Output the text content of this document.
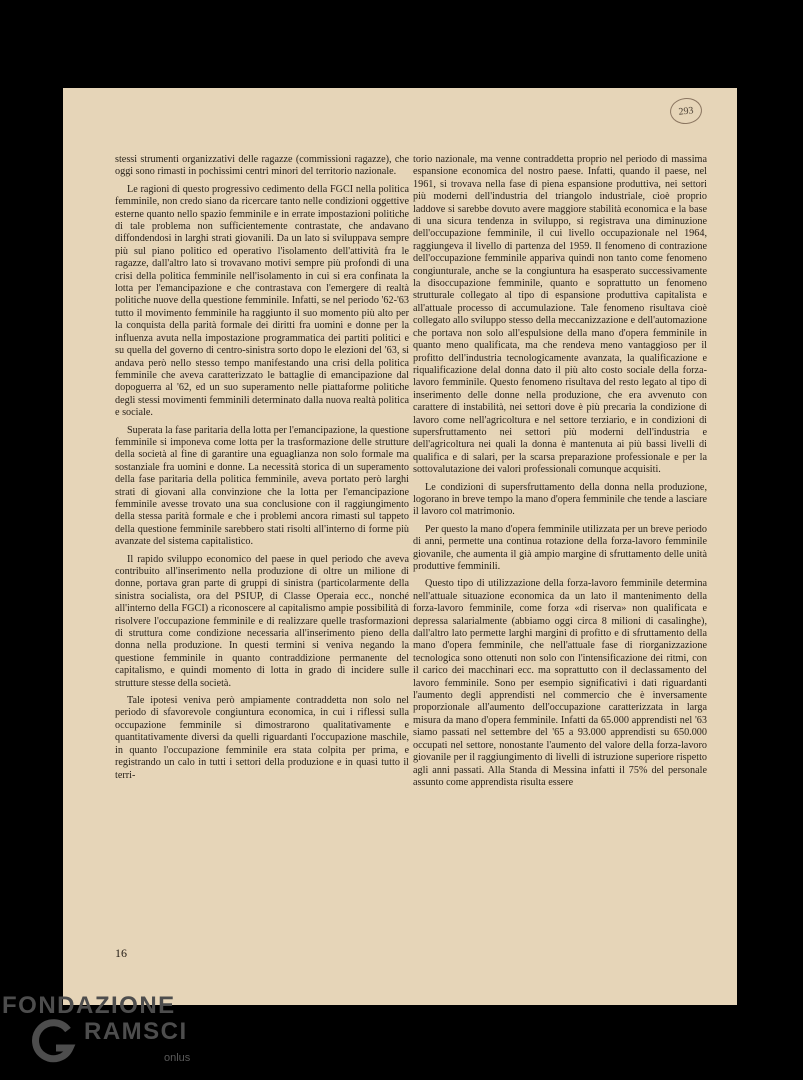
293

stessi strumenti organizzativi delle ragazze (commissioni ragazze), che oggi sono rimasti in pochissimi centri minori del territorio nazionale.

Le ragioni di questo progressivo cedimento della FGCI nella politica femminile, non credo siano da ricercare tanto nelle condizioni oggettive esterne quanto nello spazio femminile e in errate impostazioni politiche di tale problema non sufficientemente contrastate, che andavano diffondendosi in larghi strati giovanili. Da un lato si sviluppava sempre più sul piano politico ed operativo l'isolamento dell'attività fra le ragazze, dall'altro lato si trovavano motivi sempre più profondi di una crisi della politica femminile nell'isolamento in cui si era confinata la lotta per l'emancipazione e che contrastava con l'emergere di realtà politiche nuove della questione femminile. Infatti, se nel periodo '62-'63 tutto il movimento femminile ha raggiunto il suo momento più alto per la conquista della parità formale dei diritti fra uomini e donne per la influenza avuta nella impostazione programmatica dei partiti politici e su quella del governo di centro-sinistra sorto dopo le elezioni del '63, si andava però nello stesso tempo manifestando una crisi della politica femminile che aveva caratterizzato le battaglie di emancipazione dal dopoguerra al '62, ed un suo superamento nelle piattaforme politiche degli stessi movimenti femminili determinato dalla nuova realtà politica e sociale.

Superata la fase paritaria della lotta per l'emancipazione, la questione femminile si imponeva come lotta per la trasformazione delle strutture della società al fine di garantire una eguaglianza non solo formale ma sostanziale fra uomini e donne. La necessità storica di un superamento della fase paritaria della politica femminile, aveva portato però larghi strati di giovani alla convinzione che la lotta per l'emancipazione femminile avesse trovato una sua conclusione con il raggiungimento della stessa parità formale e che i problemi ancora rimasti sul tappeto della questione femminile sarebbero stati risolti all'interno di forme più avanzate del sistema capitalistico.

Il rapido sviluppo economico del paese in quel periodo che aveva contribuito all'inserimento nella produzione di oltre un milione di donne, portava gran parte di gruppi di sinistra (particolarmente della sinistra socialista, ora del PSIUP, di Classe Operaia ecc., nonché all'interno della FGCI) a riconoscere al capitalismo ampie possibilità di risolvere l'occupazione femminile e di realizzare quelle trasformazioni di struttura come condizione necessaria all'inserimento pieno della donna nella produzione. In questi termini si veniva negando la questione femminile in quanto contraddizione permanente del capitalismo, e quindi momento di lotta in grado di incidere sulle strutture stesse della società.

Tale ipotesi veniva però ampiamente contraddetta non solo nel periodo di sfavorevole congiuntura economica, in cui i riflessi sulla occupazione femminile si dimostrarono qualitativamente e quantitativamente diversi da quelli riguardanti l'occupazione maschile, in quanto l'occupazione femminile era stata colpita per prima, e registrando un calo in tutti i settori della produzione e in quasi tutto il terri-

torio nazionale, ma venne contraddetta proprio nel periodo di massima espansione economica del nostro paese. Infatti, quando il paese, nel 1961, si trovava nella fase di piena espansione produttiva, nei settori più moderni dell'industria del triangolo industriale, cioè proprio laddove si sarebbe dovuto avere maggiore stabilità economica e la base di una sicura tendenza in sviluppo, si registrava una diminuzione dell'occupazione femminile, il cui livello occupazionale nel 1964, raggiungeva il livello di partenza del 1959. Il fenomeno di contrazione dell'occupazione femminile appariva quindi non tanto come fenomeno congiunturale, anche se la congiuntura ha esasperato successivamente la disoccupazione femminile, quanto e soprattutto un fenomeno strutturale collegato al tipo di espansione produttiva capitalista e all'attuale processo di accumulazione. Tale fenomeno risultava cioè collegato allo sviluppo stesso della meccanizzazione e dell'automazione che portava non solo all'espulsione della mano d'opera femminile in quanto meno qualificata, ma che rendeva meno vantaggioso per il profitto dell'industria tecnologicamente avanzata, la qualificazione e riqualificazione delal donna dato il più alto costo sociale della forza-lavoro femminile. Questo fenomeno risultava del resto legato al tipo di inserimento delle donne nella produzione, che era avvenuto con carattere di instabilità, nei settori dove è più precaria la condizione di lavoro come nell'agricoltura e nel settore terziario, e in condizioni di supersfruttamento nei settori più moderni dell'industria e dell'agricoltura nei quali la donna è mantenuta ai più bassi livelli di qualifica e di salari, per la scarsa preparazione professionale e per la sottovalutazione dei valori professionali comunque acquisiti.

Le condizioni di supersfruttamento della donna nella produzione, logorano in breve tempo la mano d'opera femminile che tende a lasciare il lavoro col matrimonio.

Per questo la mano d'opera femminile utilizzata per un breve periodo di anni, permette una continua rotazione della forza-lavoro femminile giovanile, che aumenta il già ampio margine di sfruttamento delle unità produttive femminili.

Questo tipo di utilizzazione della forza-lavoro femminile determina nell'attuale situazione economica da un lato il mantenimento della forza-lavoro femminile, come forza «di riserva» non qualificata e depressa salarialmente (abbiamo oggi circa 8 milioni di casalinghe), dall'altro lato permette larghi margini di profitto e di sfruttamento della mano d'opera femminile, che nell'attuale fase di riorganizzazione tecnologica sono ottenuti non solo con l'intensificazione dei ritmi, con il carico dei macchinari ecc. ma soprattutto con il declassamento del lavoro femminile. Sono per esempio significativi i dati riguardanti l'aumento degli apprendisti nel commercio che è inversamente proporzionale all'aumento dell'occupazione caratterizzata in larga misura da mano d'opera femminile. Infatti da 65.000 apprendisti nel '63 siamo passati nel settembre del '65 a 93.000 apprendisti su 650.000 occupati nel settore, nonostante l'aumento del valore della forza-lavoro giovanile per il raggiungimento di livelli di istruzione superiore rispetto agli anni passati. Alla Standa di Messina infatti il 75% del personale assunto come apprendista risulta essere

16
FONDAZIONE
RAMSCI
onlus
